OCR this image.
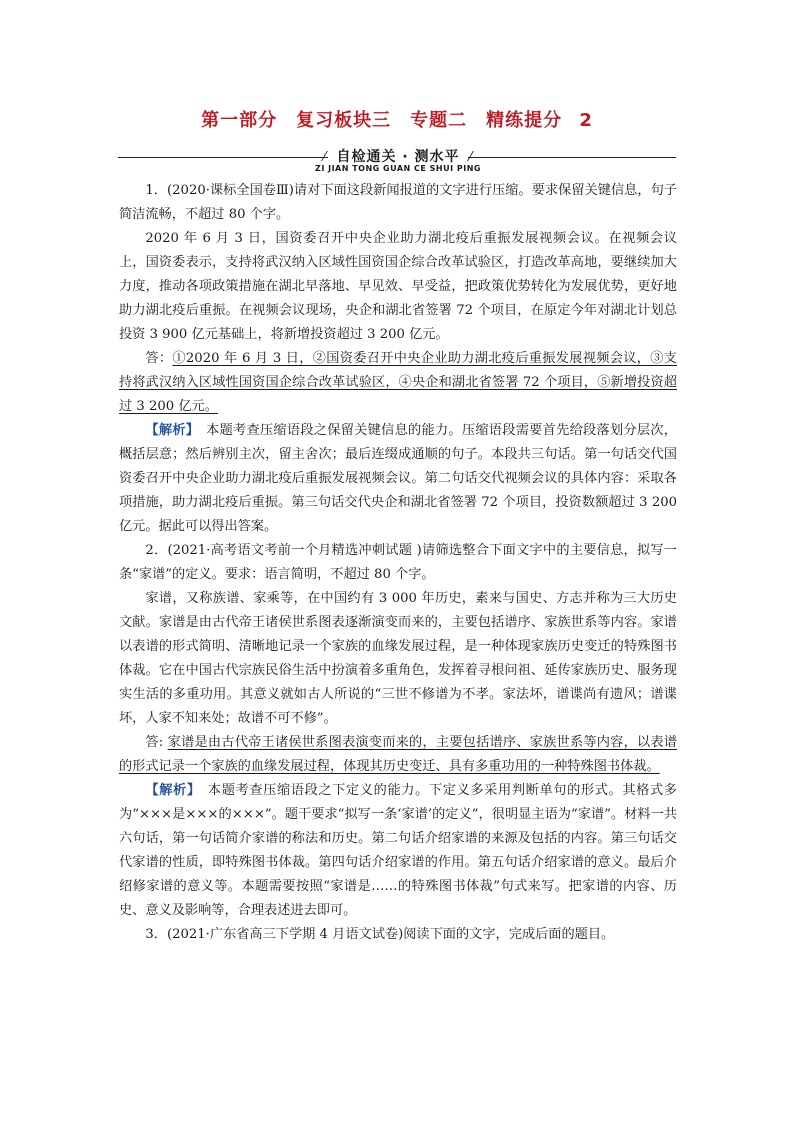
第一部分　复习板块三　专题二　精练提分 2
自检通关 · 测水平
ZI JIAN TONG GUAN CE SHUI PING

1．(2020·课标全国卷Ⅲ)请对下面这段新闻报道的文字进行压缩。要求保留关键信息，句子简洁流畅，不超过 80 个字。

2020 年 6 月 3 日，国资委召开中央企业助力湖北疫后重振发展视频会议。在视频会议上，国资委表示，支持将武汉纳入区域性国资国企综合改革试验区，打造改革高地，要继续加大力度，推动各项政策措施在湖北早落地、早见效、早受益，把政策优势转化为发展优势，更好地助力湖北疫后重振。在视频会议现场，央企和湖北省签署 72 个项目，在原定今年对湖北计划总投资 3 900 亿元基础上，将新增投资超过 3 200 亿元。

答：①2020 年 6 月 3 日，②国资委召开中央企业助力湖北疫后重振发展视频会议，③支持将武汉纳入区域性国资国企综合改革试验区，④央企和湖北省签署 72 个项目，⑤新增投资超过 3 200 亿元。

【解析】　本题考查压缩语段之保留关键信息的能力。压缩语段需要首先给段落划分层次，概括层意；然后辨别主次，留主舍次；最后连缀成通顺的句子。本段共三句话。第一句话交代国资委召开中央企业助力湖北疫后重振发展视频会议。第二句话交代视频会议的具体内容：采取各项措施，助力湖北疫后重振。第三句话交代央企和湖北省签署 72 个项目，投资数额超过 3 200 亿元。据此可以得出答案。

2．(2021·高考语文考前一个月精选冲刺试题 )请筛选整合下面文字中的主要信息，拟写一条“家谱”的定义。要求：语言简明，不超过 80 个字。

家谱，又称族谱、家乘等，在中国约有 3 000 年历史，素来与国史、方志并称为三大历史文献。家谱是由古代帝王诸侯世系图表逐渐演变而来的，主要包括谱序、家族世系等内容。家谱以表谱的形式简明、清晰地记录一个家族的血缘发展过程，是一种体现家族历史变迁的特殊图书体裁。它在中国古代宗族民俗生活中扮演着多重角色，发挥着寻根问祖、延传家族历史、服务现实生活的多重功用。其意义就如古人所说的“三世不修谱为不孝。家法坏，谱谍尚有遗风；谱谍坏，人家不知来处；故谱不可不修”。

答: 家谱是由古代帝王诸侯世系图表演变而来的，主要包括谱序、家族世系等内容，以表谱的形式记录一个家族的血缘发展过程，体现其历史变迁、具有多重功用的一种特殊图书体裁。

【解析】　本题考查压缩语段之下定义的能力。下定义多采用判断单句的形式。其格式多为“×××是×××的×××”。题干要求“拟写一条‘家谱’的定义”，很明显主语为“家谱”。材料一共六句话，第一句话简介家谱的称法和历史。第二句话介绍家谱的来源及包括的内容。第三句话交代家谱的性质，即特殊图书体裁。第四句话介绍家谱的作用。第五句话介绍家谱的意义。最后介绍修家谱的意义等。本题需要按照“家谱是……的特殊图书体裁”句式来写。把家谱的内容、历史、意义及影响等，合理表述进去即可。

3．(2021·广东省高三下学期 4 月语文试卷)阅读下面的文字，完成后面的题目。
